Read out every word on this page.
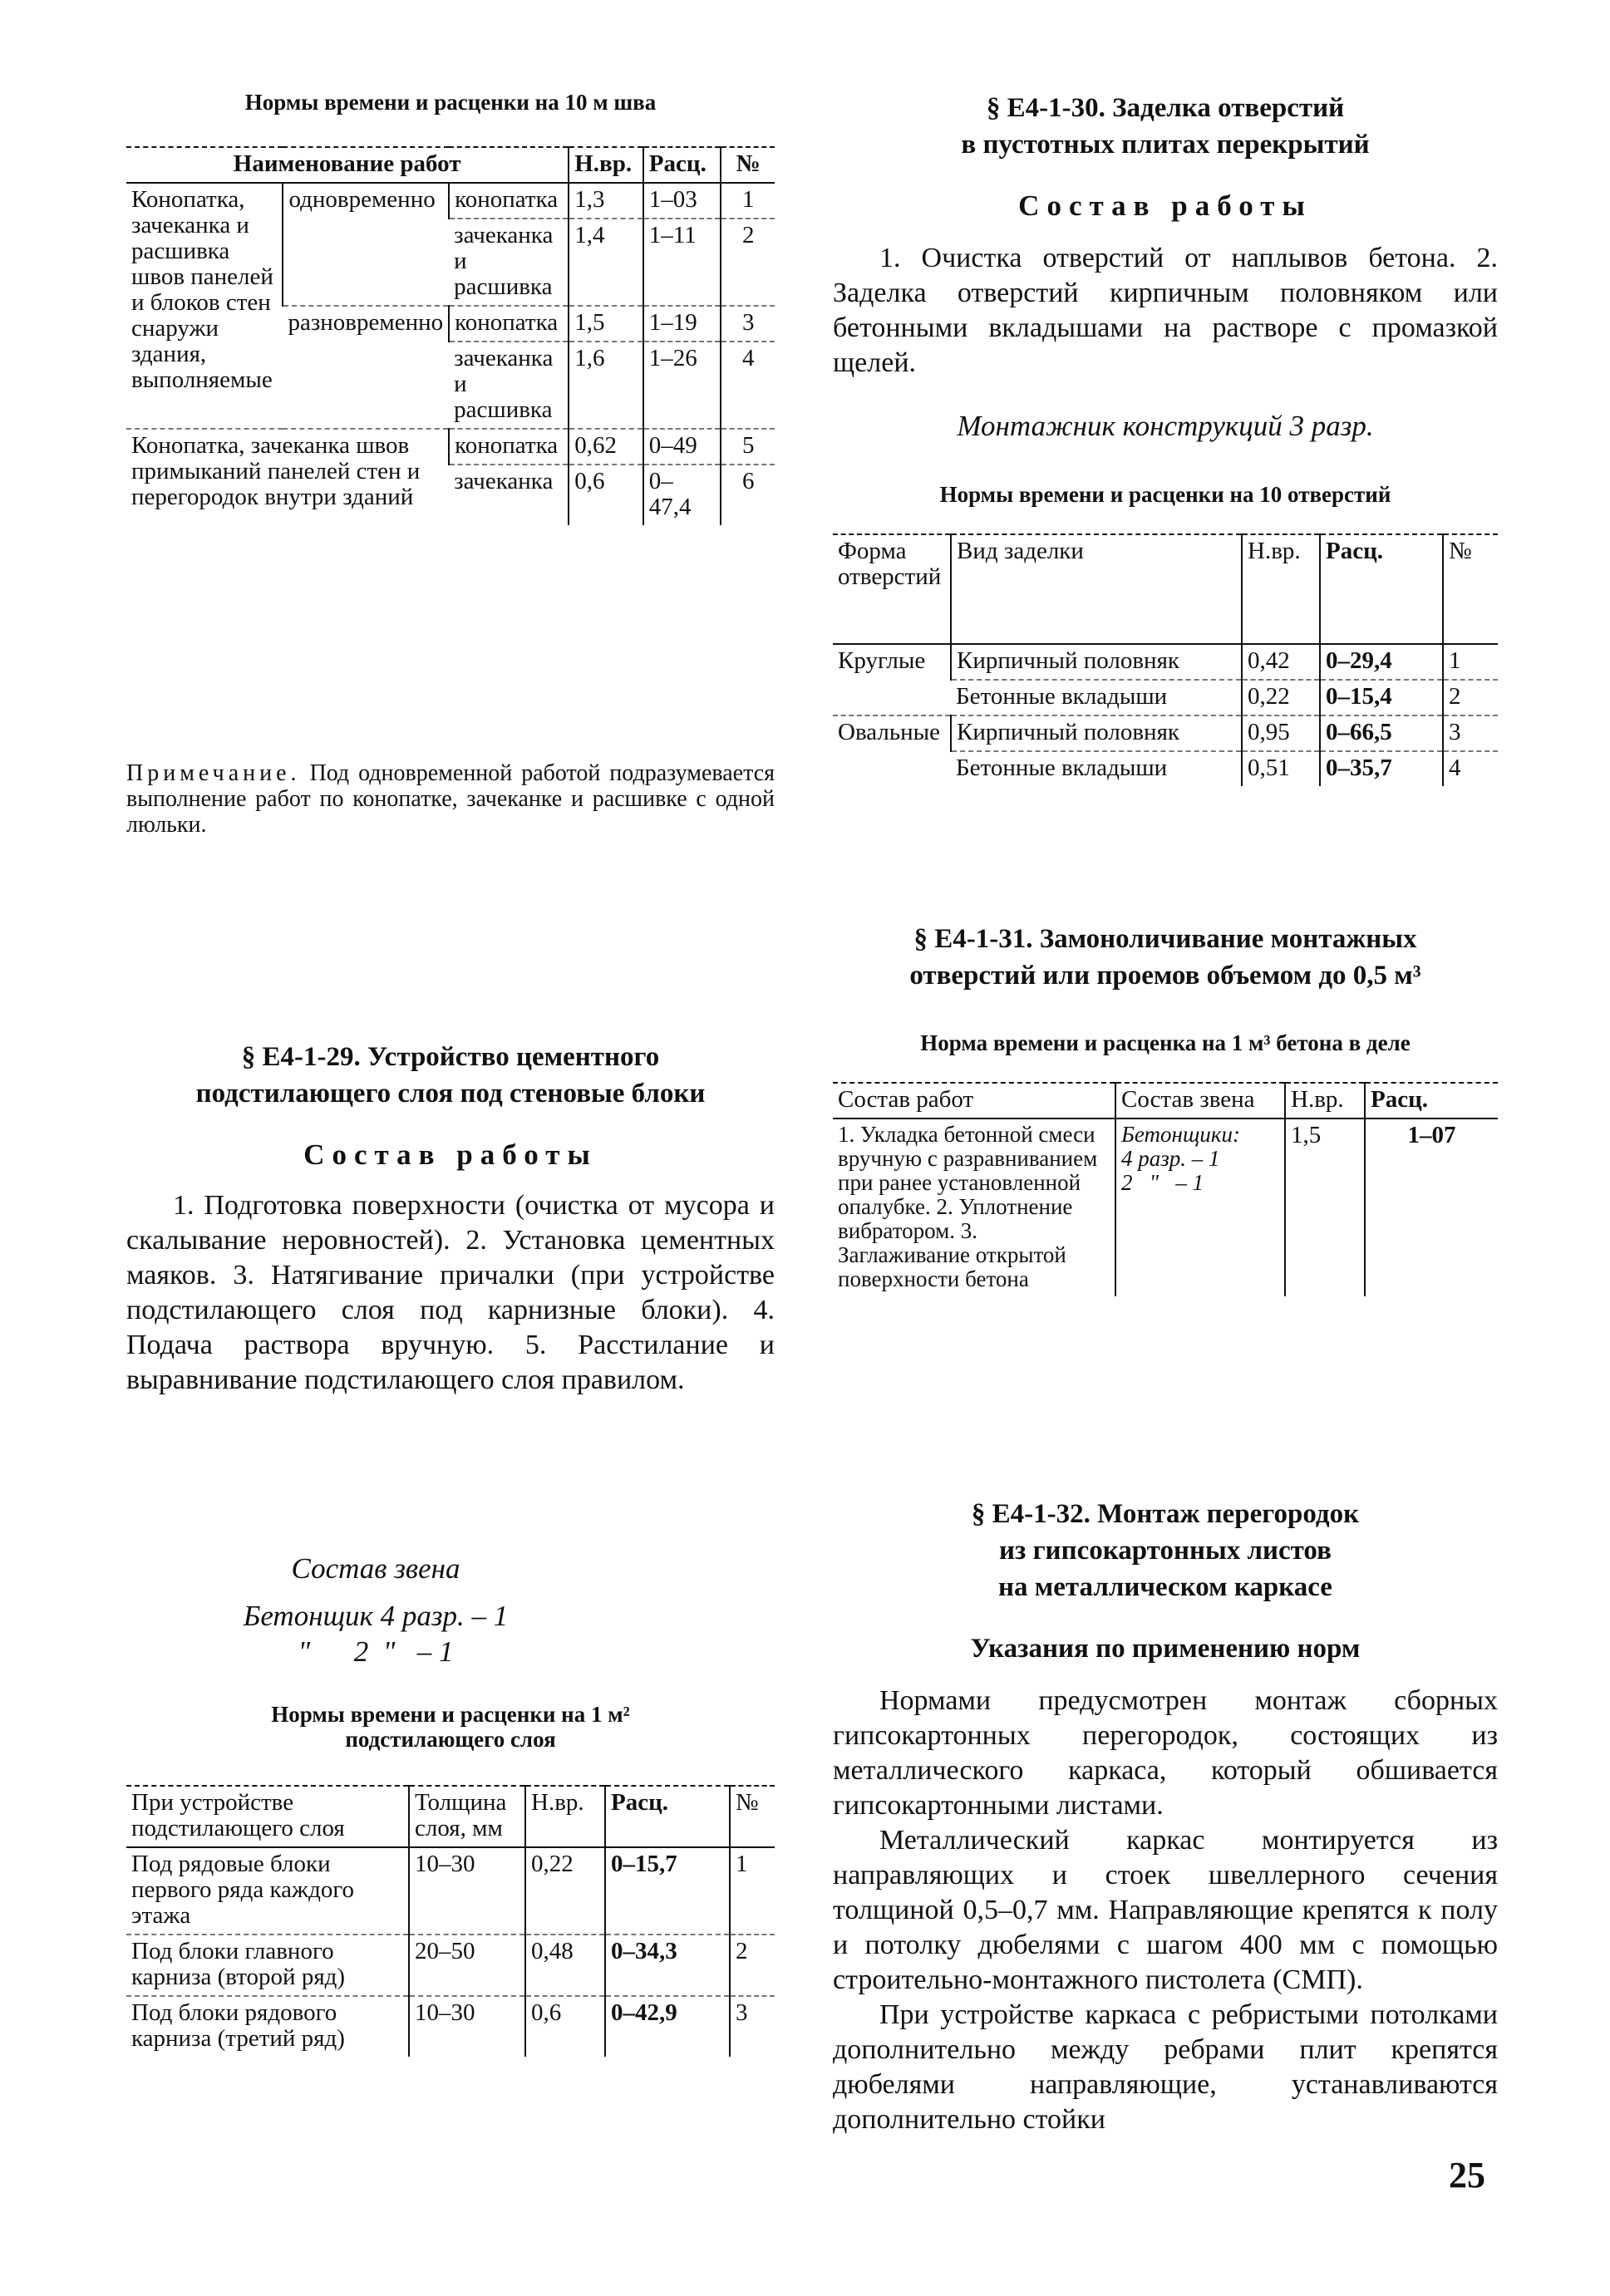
Нормы времени и расценки на 10 м шва
Наименование работ			Н.вр.	Расц.	№
Конопатка, зачеканка и расшивка швов панелей и блоков стен снаружи здания, выполняемые	одновременно	конопатка	1,3	1–03	1
		зачеканка и расшивка	1,4	1–11	2
	разновременно	конопатка	1,5	1–19	3
		зачеканка и расшивка	1,6	1–26	4
Конопатка, зачеканка швов примыканий панелей стен и перегородок внутри зданий		конопатка	0,62	0–49	5
		зачеканка	0,6	0–47,4	6
Примечание. Под одновременной работой подразумевается выполнение работ по конопатке, зачеканке и расшивке с одной люльки.
§ Е4-1-29. Устройство цементного
подстилающего слоя под стеновые блоки
Состав работы

1. Подготовка поверхности (очистка от мусора и скалывание неровностей). 2. Установка цементных маяков. 3. Натягивание причалки (при устройстве подстилающего слоя под карнизные блоки). 4. Подача раствора вручную. 5. Расстилание и выравнивание подстилающего слоя правилом.

Состав звена
Бетонщик 4 разр. – 1
"      2  "   – 1
Нормы времени и расценки на 1 м²
подстилающего слоя
При устройстве подстилающего слоя	Толщина слоя, мм	Н.вр.	Расц.	№
Под рядовые блоки первого ряда каждого этажа	10–30	0,22	0–15,7	1
Под блоки главного карниза (второй ряд)	20–50	0,48	0–34,3	2
Под блоки рядового карниза (третий ряд)	10–30	0,6	0–42,9	3
§ Е4-1-30. Заделка отверстий
в пустотных плитах перекрытий
Состав работы

1. Очистка отверстий от наплывов бетона. 2. Заделка отверстий кирпичным половняком или бетонными вкладышами на растворе с промазкой щелей.

Монтажник конструкций 3 разр.
Нормы времени и расценки на 10 отверстий
Форма отверстий	Вид заделки	Н.вр.	Расц.	№
Круглые	Кирпичный половняк	0,42	0–29,4	1
	Бетонные вкладыши	0,22	0–15,4	2
Овальные	Кирпичный половняк	0,95	0–66,5	3
	Бетонные вкладыши	0,51	0–35,7	4
§ Е4-1-31. Замоноличивание монтажных
отверстий или проемов объемом до 0,5 м³
Норма времени и расценка на 1 м³ бетона в деле
Состав работ	Состав звена	Н.вр.	Расц.
1. Укладка бетонной смеси вручную с разравниванием при ранее установленной опалубке. 2. Уплотнение вибратором. 3. Заглаживание открытой поверхности бетона	Бетонщики:
4 разр. – 1
2   "   – 1	1,5	1–07
§ Е4-1-32. Монтаж перегородок
из гипсокартонных листов
на металлическом каркасе
Указания по применению норм

Нормами предусмотрен монтаж сборных гипсокартонных перегородок, состоящих из металлического каркаса, который обшивается гипсокартонными листами.

Металлический каркас монтируется из направляющих и стоек швеллерного сечения толщиной 0,5–0,7 мм. Направляющие крепятся к полу и потолку дюбелями с шагом 400 мм с помощью строительно-монтажного пистолета (СМП).

При устройстве каркаса с ребристыми потолками дополнительно между ребрами плит крепятся дюбелями направляющие, устанавливаются дополнительно стойки

25
